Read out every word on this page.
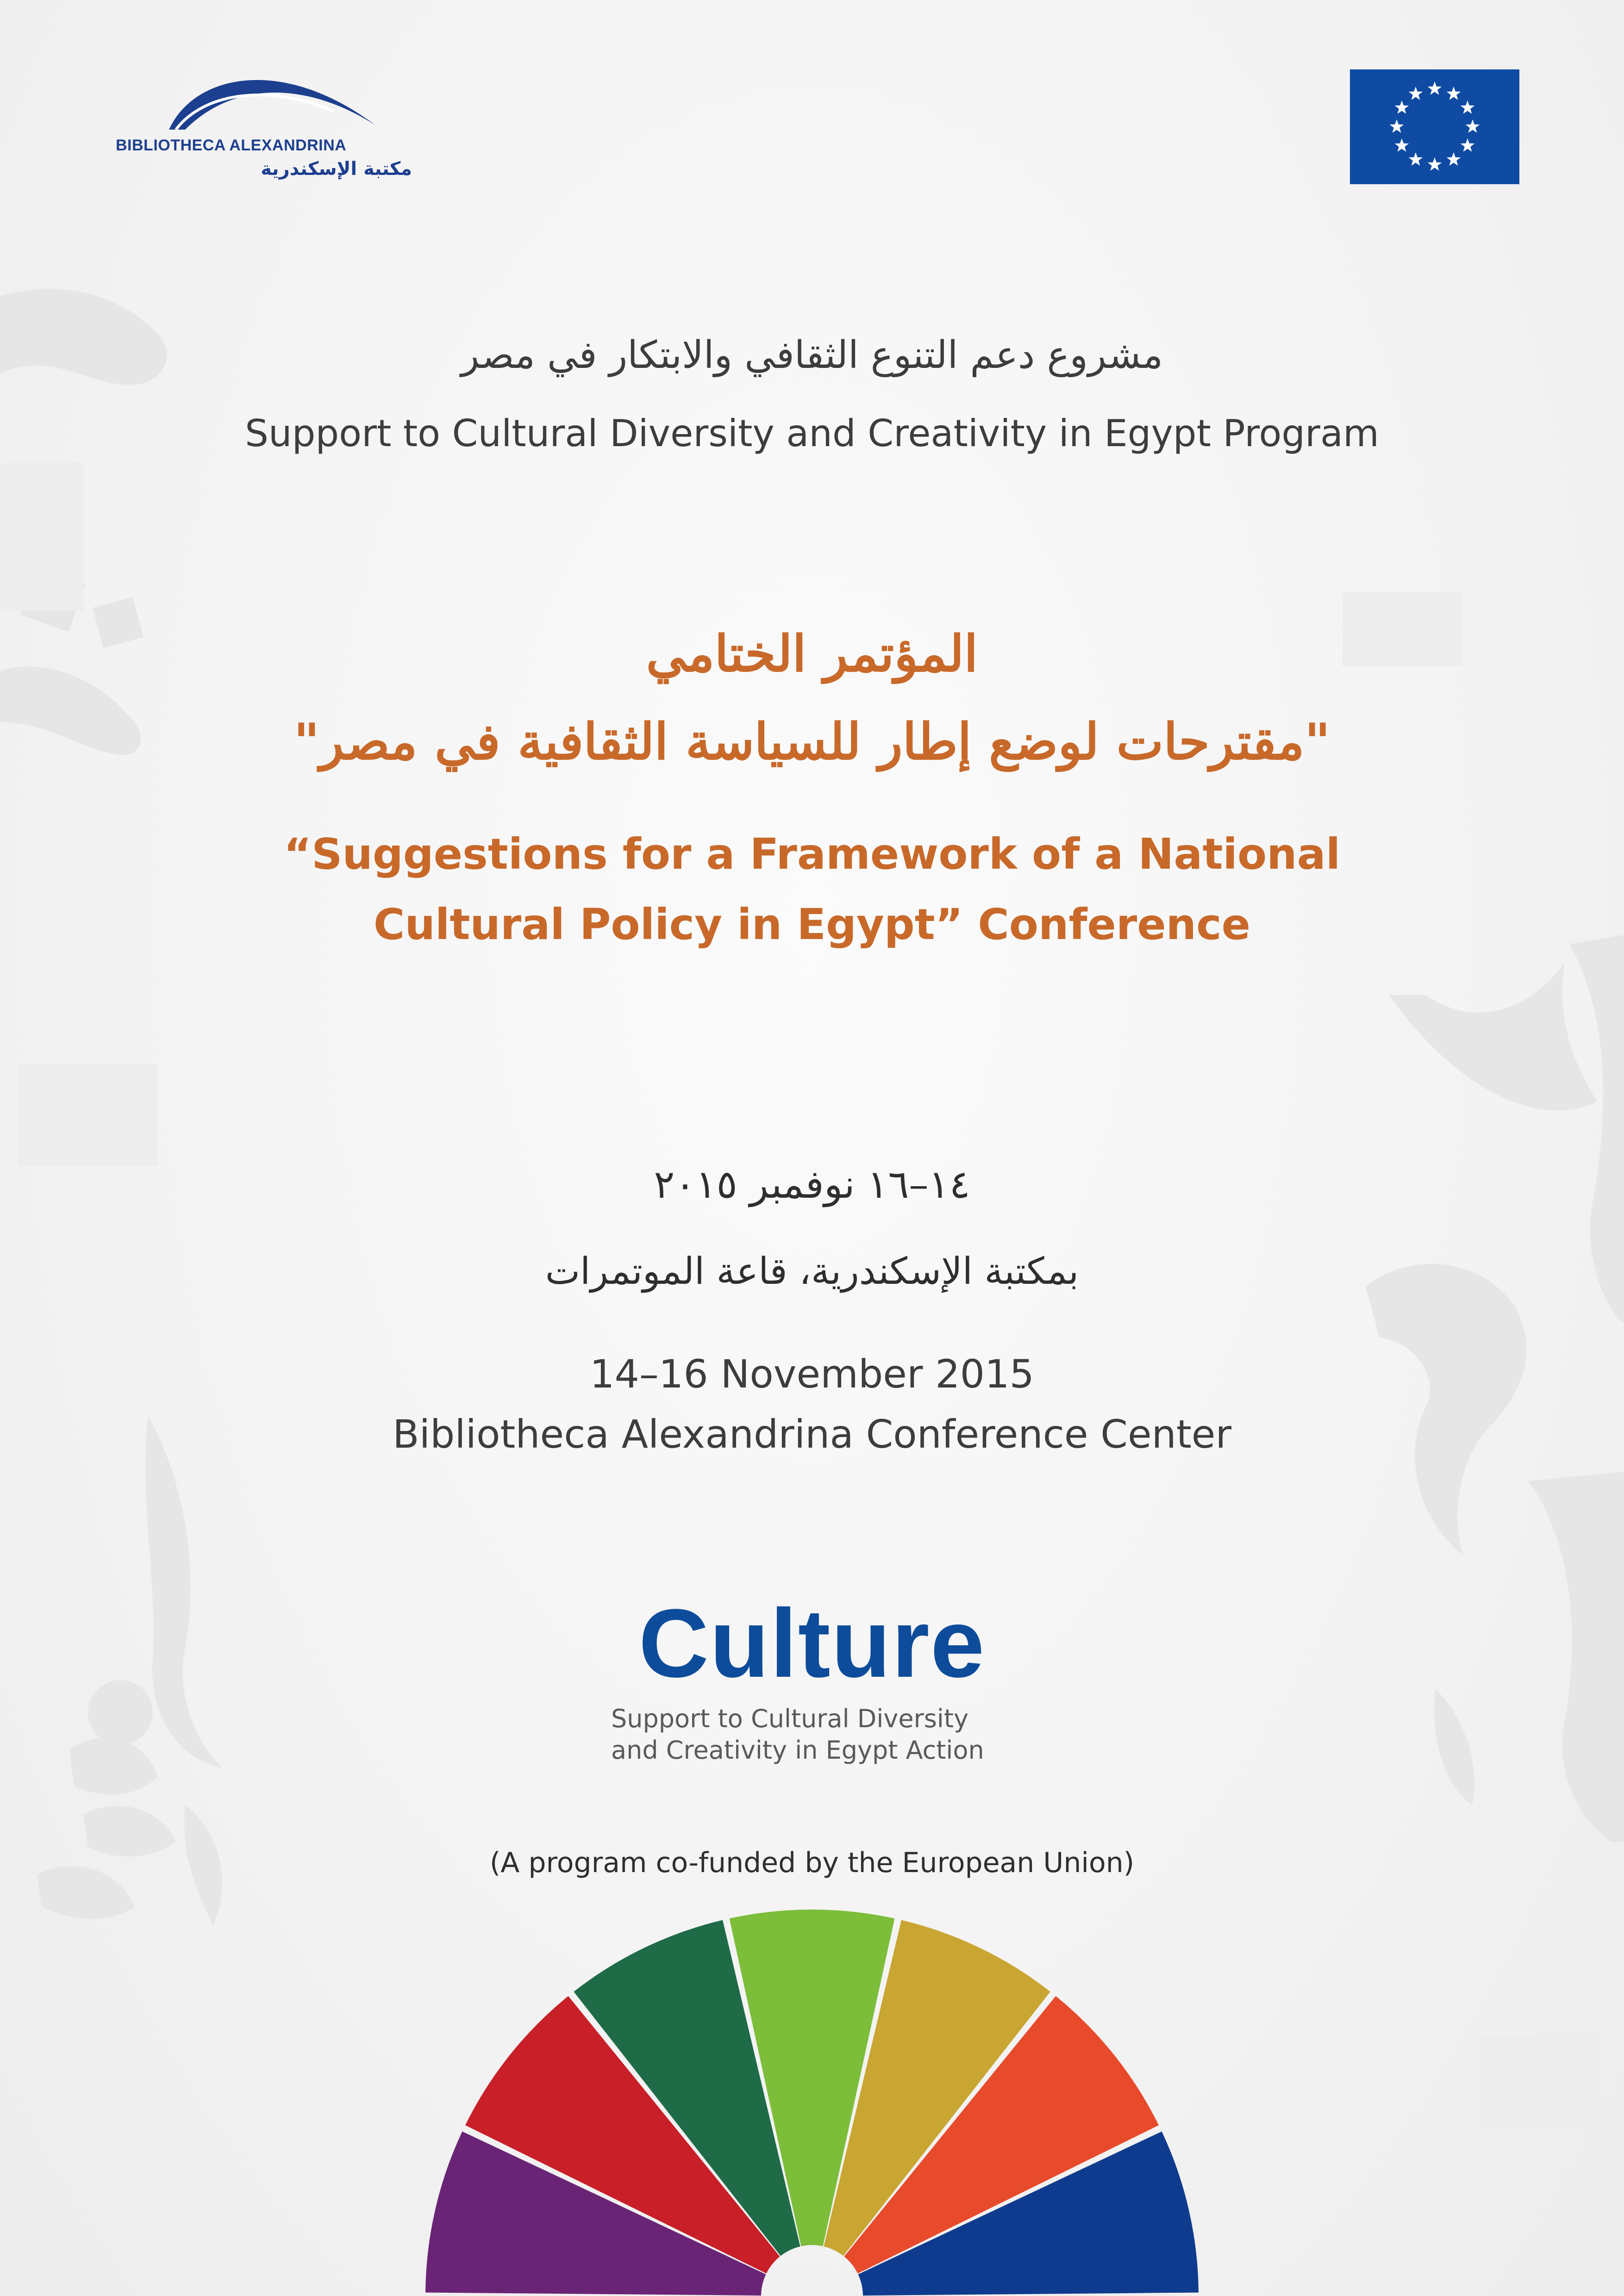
BIBLIOTHECA ALEXANDRINA
مكتبة الإسكندرية
مشروع دعم التنوع الثقافي والابتكار في مصر
Support to Cultural Diversity and Creativity in Egypt Program
المؤتمر الختامي
"مقترحات لوضع إطار للسياسة الثقافية في مصر"
“Suggestions for a Framework of a National
Cultural Policy in Egypt” Conference
١٤–١٦ نوفمبر ٢٠١٥
بمكتبة الإسكندرية، قاعة الموتمرات
14–16 November 2015
Bibliotheca Alexandrina Conference Center
Culture
Support to Cultural Diversity
and Creativity in Egypt Action
(A program co-funded by the European Union)
